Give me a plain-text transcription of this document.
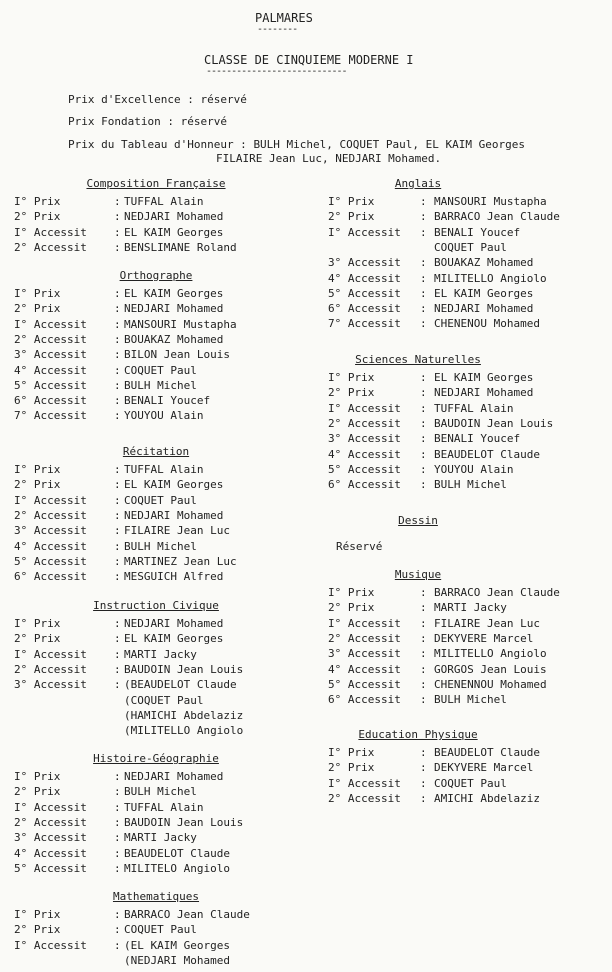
PALMARES
--------
CLASSE DE CINQUIEME MODERNE I
----------------------------
Prix d'Excellence : réservé
Prix Fondation : réservé
Prix du Tableau d'Honneur : BULH Michel, COQUET Paul, EL KAIM Georges
FILAIRE Jean Luc, NEDJARI Mohamed.
Composition Française
I° Prix	: TUFFAL Alain
2° Prix	: NEDJARI Mohamed
I° Accessit : EL KAIM Georges
2° Accessit : BENSLIMANE Roland
Orthographe
I° Prix	: EL KAIM Georges
2° Prix	: NEDJARI Mohamed
I° Accessit : MANSOURI Mustapha
2° Accessit : BOUAKAZ Mohamed
3° Accessit : BILON Jean Louis
4° Accessit : COQUET Paul
5° Accessit : BULH Michel
6° Accessit : BENALI Youcef
7° Accessit : YOUYOU Alain
Récitation
I° Prix	: TUFFAL Alain
2° Prix	: EL KAIM Georges
I° Accessit : COQUET Paul
2° Accessit : NEDJARI Mohamed
3° Accessit : FILAIRE Jean Luc
4° Accessit : BULH Michel
5° Accessit : MARTINEZ Jean Luc
6° Accessit : MESGUICH Alfred
Instruction Civique
I° Prix	: NEDJARI Mohamed
2° Prix	: EL KAIM Georges
I° Accessit : MARTI Jacky
2° Accessit : BAUDOIN Jean Louis
3° Accessit : (BEAUDELOT Claude
(COQUET Paul
(HAMICHI Abdelaziz
(MILITELLO Angiolo
Histoire-Géographie
I° Prix	: NEDJARI Mohamed
2° Prix	: BULH Michel
I° Accessit : TUFFAL Alain
2° Accessit : BAUDOIN Jean Louis
3° Accessit : MARTI Jacky
4° Accessit : BEAUDELOT Claude
5° Accessit : MILITELO Angiolo
Mathematiques
I° Prix	: BARRACO Jean Claude
2° Prix	: COQUET Paul
I° Accessit : (EL KAIM Georges
(NEDJARI Mohamed
Anglais
I° Prix	: MANSOURI Mustapha
2° Prix	: BARRACO Jean Claude
I° Accessit : BENALI Youcef
COQUET Paul
3° Accessit : BOUAKAZ Mohamed
4° Accessit : MILITELLO Angiolo
5° Accessit : EL KAIM Georges
6° Accessit : NEDJARI Mohamed
7° Accessit : CHENENOU Mohamed
Sciences Naturelles
I° Prix	: EL KAIM Georges
2° Prix	: NEDJARI Mohamed
I° Accessit : TUFFAL Alain
2° Accessit : BAUDOIN Jean Louis
3° Accessit : BENALI Youcef
4° Accessit : BEAUDELOT Claude
5° Accessit : YOUYOU Alain
6° Accessit : BULH Michel
Dessin
Réservé
Musique
I° Prix	: BARRACO Jean Claude
2° Prix	: MARTI Jacky
I° Accessit : FILAIRE Jean Luc
2° Accessit : DEKYVERE Marcel
3° Accessit : MILITELLO Angiolo
4° Accessit : GORGOS Jean Louis
5° Accessit : CHENENNOU Mohamed
6° Accessit : BULH Michel
Education Physique
I° Prix	: BEAUDELOT Claude
2° Prix	: DEKYVERE Marcel
I° Accessit : COQUET Paul
2° Accessit : AMICHI Abdelaziz
